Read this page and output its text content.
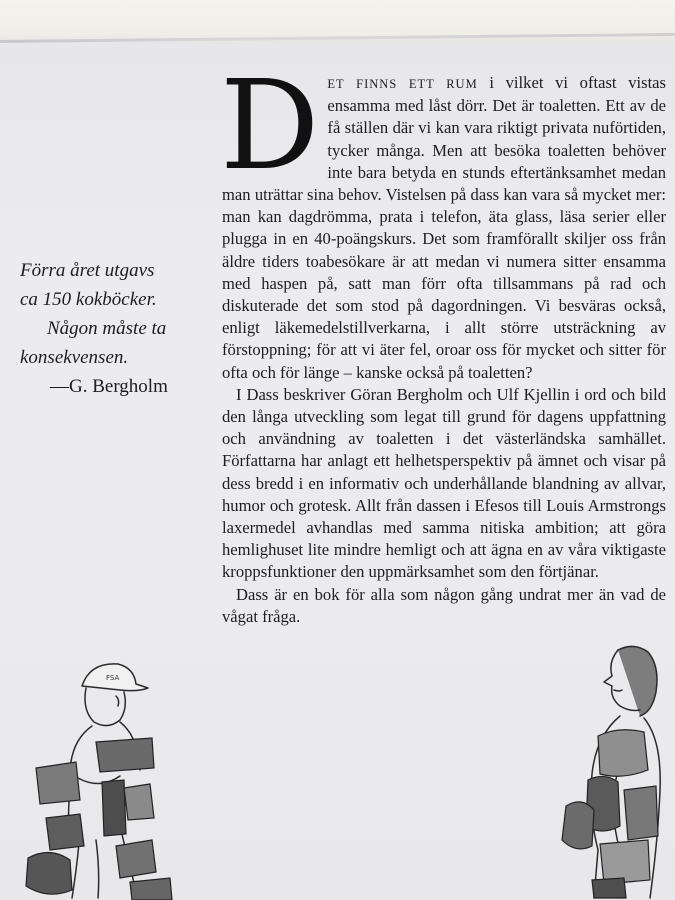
Förra året utgavs
ca 150 kokböcker.
Någon måste ta
konsekvensen.
—G. Bergholm

DET FINNS ETT RUM i vilket vi oftast vistas ensamma med låst dörr. Det är toaletten. Ett av de få ställen där vi kan vara riktigt privata nuförtiden, tycker många. Men att besöka toaletten behöver inte bara betyda en stunds eftertänksamhet medan man uträttar sina behov. Vistelsen på dass kan vara så mycket mer: man kan dagdrömma, prata i telefon, äta glass, läsa serier eller plugga in en 40-poängskurs. Det som framförallt skiljer oss från äldre tiders toabesökare är att medan vi numera sitter ensamma med haspen på, satt man förr ofta tillsammans på rad och diskuterade det som stod på dagordningen. Vi besväras också, enligt läkemedelstillverkarna, i allt större utsträckning av förstoppning; för att vi äter fel, oroar oss för mycket och sitter för ofta och för länge – kanske också på toaletten?

I Dass beskriver Göran Bergholm och Ulf Kjellin i ord och bild den långa utveckling som legat till grund för dagens uppfattning och användning av toaletten i det västerländska samhället. Författarna har anlagt ett helhetsperspektiv på ämnet och visar på dess bredd i en informativ och underhållande blandning av allvar, humor och grotesk. Allt från dassen i Efesos till Louis Armstrongs laxermedel avhandlas med samma nitiska ambition; att göra hemlighuset lite mindre hemligt och att ägna en av våra viktigaste kroppsfunktioner den uppmärksamhet som den förtjänar.

Dass är en bok för alla som någon gång undrat mer än vad de vågat fråga.

FSA
